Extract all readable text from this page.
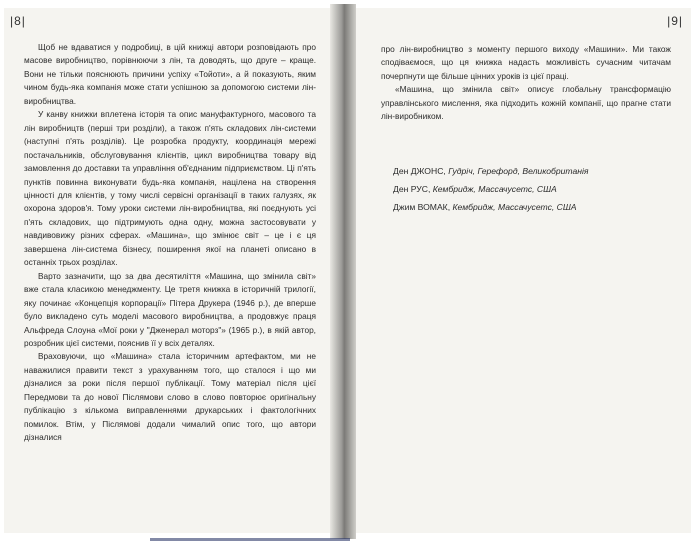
|8|

Щоб не вдаватися у подробиці, в цій книжці автори розповідають про масове виробництво, порівнюючи з лін, та доводять, що друге – краще. Вони не тільки пояснюють причини успіху «Тойоти», а й показують, яким чином будь-яка компанія може стати успішною за допомогою системи лін-виробництва.

У канву книжки вплетена історія та опис мануфактурного, масового та лін виробництв (перші три розділи), а також п'ять складових лін-системи (наступні п'ять розділів). Це розробка продукту, координація мережі постачальників, обслуговування клієнтів, цикл виробництва товару від замовлення до доставки та управління об'єднаним підприємством. Ці п'ять пунктів повинна виконувати будь-яка компанія, націлена на створення цінності для клієнтів, у тому числі сервісні організації в таких галузях, як охорона здоров'я. Тому уроки системи лін-виробництва, які поєднують усі п'ять складових, що підтримують одна одну, можна застосовувати у навдивовижу різних сферах. «Машина», що змінює світ – це і є ця завершена лін-система бізнесу, поширення якої на планеті описано в останніх трьох розділах.

Варто зазначити, що за два десятиліття «Машина, що змінила світ» вже стала класикою менеджменту. Це третя книжка в історичній трилогії, яку починає «Концепція корпорації» Пітера Друкера (1946 р.), де вперше було викладено суть моделі масового виробництва, а продовжує праця Альфреда Слоуна «Мої роки у "Дженерал моторз"» (1965 р.), в якій автор, розробник цієї системи, пояснив її у всіх деталях.

Враховуючи, що «Машина» стала історичним артефактом, ми не наважилися правити текст з урахуванням того, що сталося і що ми дізналися за роки після першої публікації. Тому матеріал після цієї Передмови та до нової Післямови слово в слово повторює оригінальну публікацію з кількома виправленнями друкарських і фактологічних помилок. Втім, у Післямові додали чималий опис того, що автори дізналися

|9|

про лін-виробництво з моменту першого виходу «Машини». Ми також сподіваємося, що ця книжка надасть можливість сучасним читачам почерпнути ще більше цінних уроків із цієї праці.

«Машина, що змінила світ» описує глобальну трансформацію управлінського мислення, яка підходить кожній компанії, що прагне стати лін-виробником.

Ден ДЖОНС, Гудріч, Герефорд, Великобританія
Ден РУС, Кембридж, Массачусетс, США
Джим ВОМАК, Кембридж, Массачусетс, США
